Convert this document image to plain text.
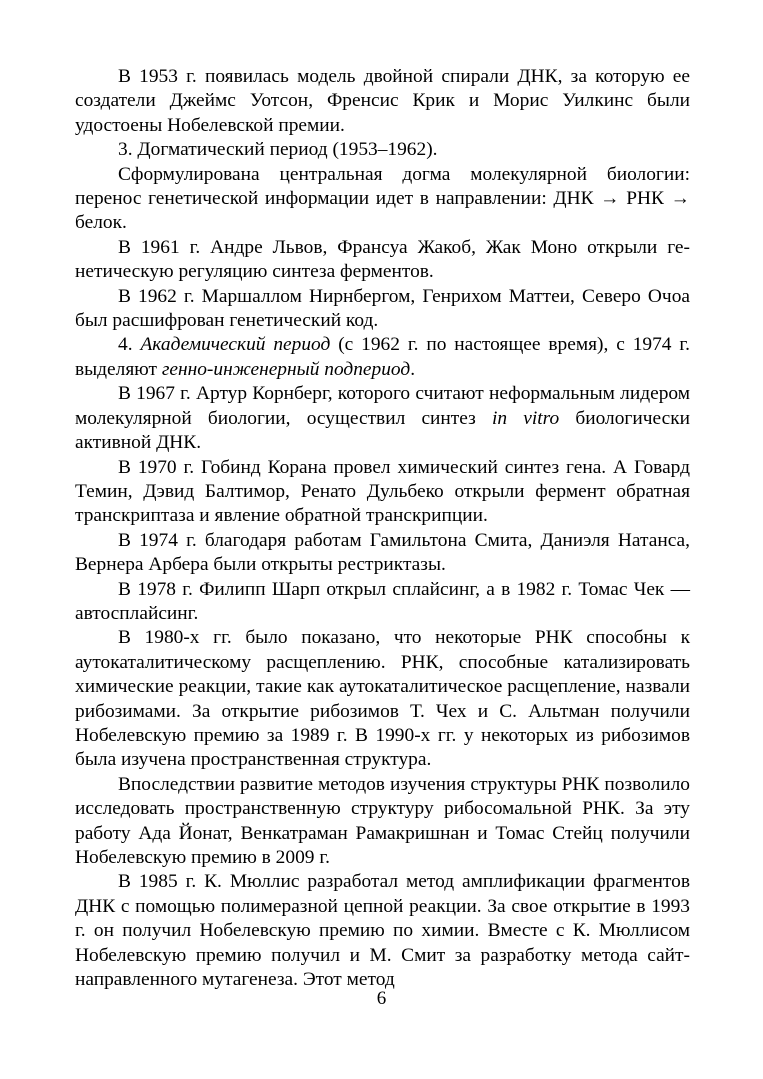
В 1953 г. появилась модель двойной спирали ДНК, за которую ее создатели Джеймс Уотсон, Френсис Крик и Морис Уилкинс были удостоены Нобелевской премии.

3. Догматический период (1953–1962).

Сформулирована центральная догма молекулярной биологии: перенос генетической информации идет в направлении: ДНК → РНК → белок.

В 1961 г. Андре Львов, Франсуа Жакоб, Жак Моно открыли генетическую регуляцию синтеза ферментов.

В 1962 г. Маршаллом Нирнбергом, Генрихом Маттеи, Северо Очоа был расшифрован генетический код.

4. Академический период (с 1962 г. по настоящее время), с 1974 г. выделяют генно-инженерный подпериод.

В 1967 г. Артур Корнберг, которого считают неформальным лидером молекулярной биологии, осуществил синтез in vitro биологически активной ДНК.

В 1970 г. Гобинд Корана провел химический синтез гена. А Говард Темин, Дэвид Балтимор, Ренато Дульбеко открыли фермент обратная транскриптаза и явление обратной транскрипции.

В 1974 г. благодаря работам Гамильтона Смита, Даниэля Натанса, Вернера Арбера были открыты рестриктазы.

В 1978 г. Филипп Шарп открыл сплайсинг, а в 1982 г. Томас Чек — автосплайсинг.

В 1980-х гг. было показано, что некоторые РНК способны к аутокаталитическому расщеплению. РНК, способные катализировать химические реакции, такие как аутокаталитическое расщепление, назвали рибозимами. За открытие рибозимов Т. Чех и С. Альтман получили Нобелевскую премию за 1989 г. В 1990-х гг. у некоторых из рибозимов была изучена пространственная структура.

Впоследствии развитие методов изучения структуры РНК позволило исследовать пространственную структуру рибосомальной РНК. За эту работу Ада Йонат, Венкатраман Рамакришнан и Томас Стейц получили Нобелевскую премию в 2009 г.

В 1985 г. К. Мюллис разработал метод амплификации фрагментов ДНК с помощью полимеразной цепной реакции. За свое открытие в 1993 г. он получил Нобелевскую премию по химии. Вместе с К. Мюллисом Нобелевскую премию получил и М. Смит за разработку метода сайт-направленного мутагенеза. Этот метод

6
